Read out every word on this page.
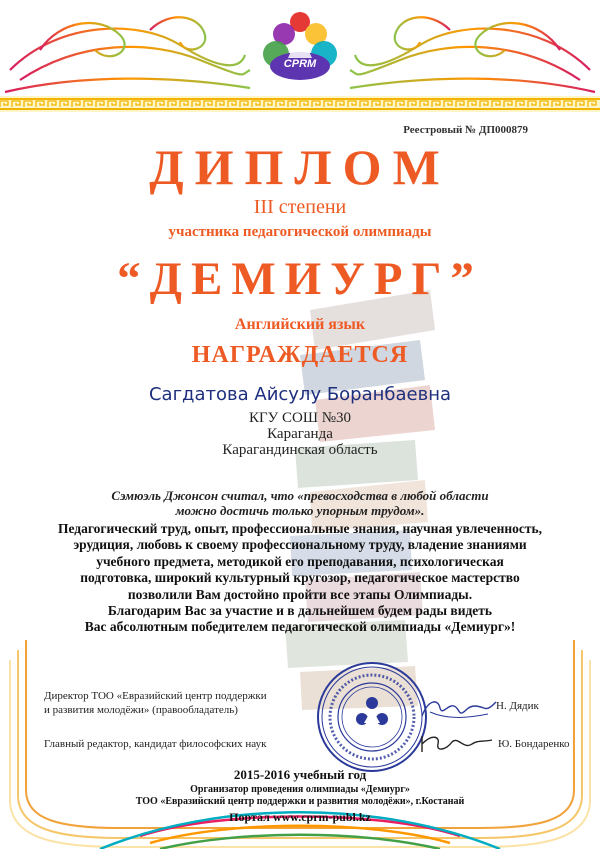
CPRM
Реестровый № ДП000879
ДИПЛОМ
III степени
участника педагогической олимпиады
“ДЕМИУРГ”
Английский язык
НАГРАЖДАЕТСЯ
Сагдатова Айсулу Боранбаевна
КГУ СОШ №30
Караганда
Карагандинская область
Сэмюэль Джонсон считал, что «превосходства в любой области
можно достичь только упорным трудом».
Педагогический труд, опыт, профессиональные знания, научная увлеченность,
эрудиция, любовь к своему профессиональному труду, владение знаниями
учебного предмета, методикой его преподавания, психологическая
подготовка, широкий культурный кругозор, педагогическое мастерство
позволили Вам достойно пройти все этапы Олимпиады.
Благодарим Вас за участие и в дальнейшем будем рады видеть
Вас абсолютным победителем педагогической олимпиады «Демиург»!
Директор ТОО «Евразийский центр поддержки
и развития молодёжи» (правообладатель)
Главный редактор, кандидат философских наук
Н. Дядик
Ю. Бондаренко
2015-2016 учебный год
Организатор проведения олимпиады «Демиург»
ТОО «Евразийский центр поддержки и развития молодёжи», г.Костанай
Портал www.cprm-publ.kz
